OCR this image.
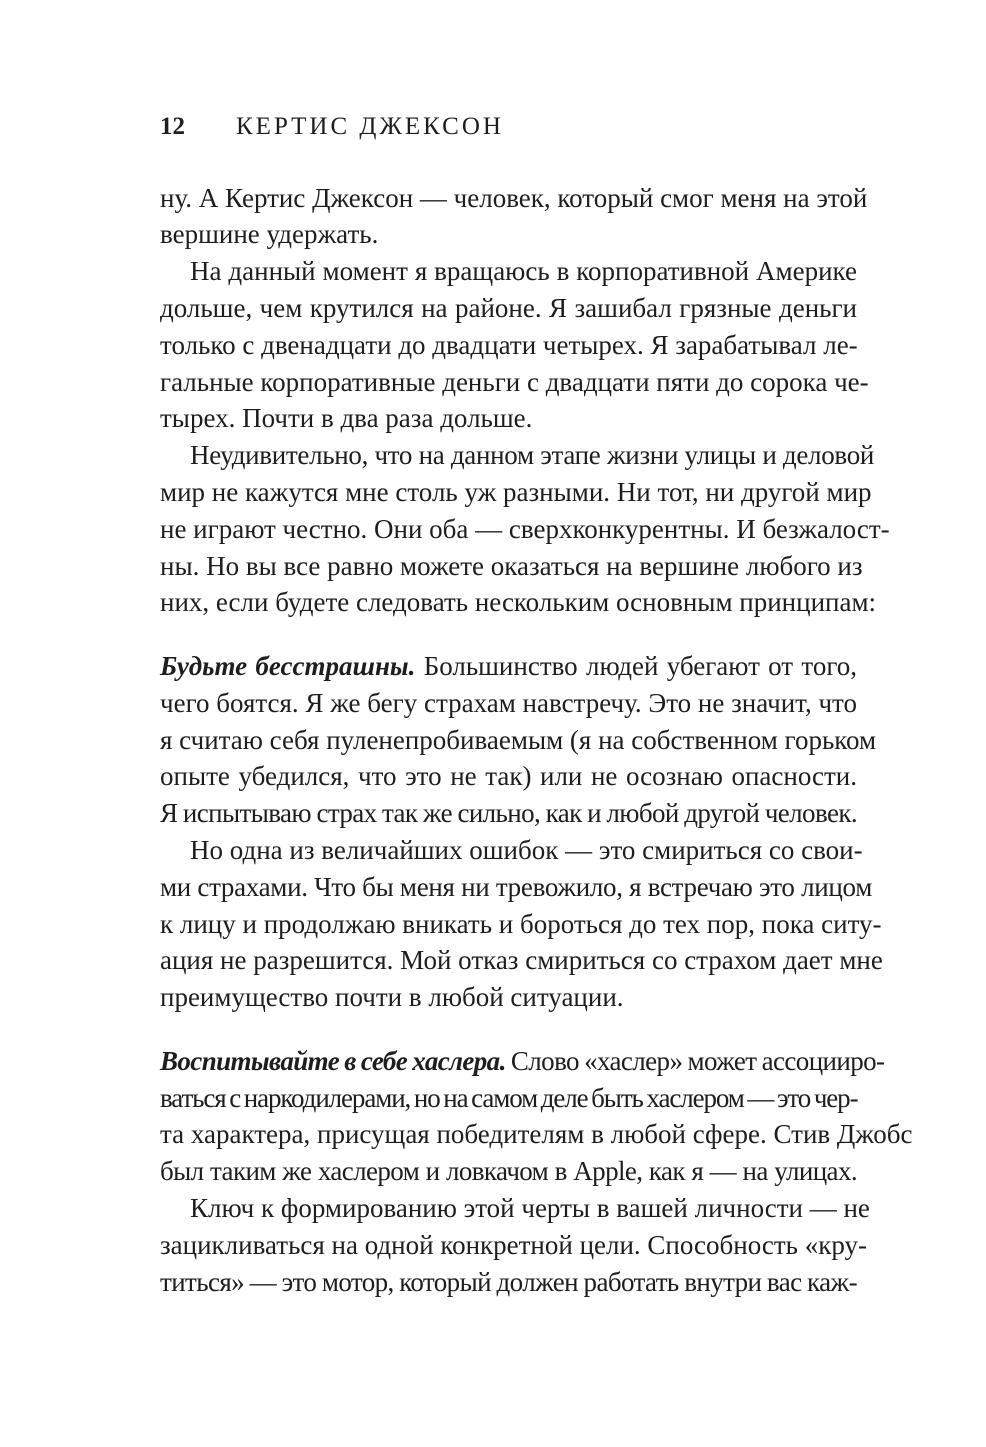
12 КЕРТИС ДЖЕКСОН
ну. А Кертис Джексон — человек, который смог меня на этой
вершине удержать.
На данный момент я вращаюсь в корпоративной Америке
дольше, чем крутился на районе. Я зашибал грязные деньги
только с двенадцати до двадцати четырех. Я зарабатывал ле-
гальные корпоративные деньги с двадцати пяти до сорока че-
тырех. Почти в два раза дольше.
Неудивительно, что на данном этапе жизни улицы и деловой
мир не кажутся мне столь уж разными. Ни тот, ни другой мир
не играют честно. Они оба — сверхконкурентны. И безжалост-
ны. Но вы все равно можете оказаться на вершине любого из
них, если будете следовать нескольким основным принципам:
Будьте бесстрашны. Большинство людей убегают от того,
чего боятся. Я же бегу страхам навстречу. Это не значит, что
я считаю себя пуленепробиваемым (я на собственном горьком
опыте убедился, что это не так) или не осознаю опасности.
Я испытываю страх так же сильно, как и любой другой человек.
Но одна из величайших ошибок — это смириться со свои-
ми страхами. Что бы меня ни тревожило, я встречаю это лицом
к лицу и продолжаю вникать и бороться до тех пор, пока ситу-
ация не разрешится. Мой отказ смириться со страхом дает мне
преимущество почти в любой ситуации.
Воспитывайте в себе хаслера. Слово «хаслер» может ассоцииро-
ваться с наркодилерами, но на самом деле быть хаслером — это чер-
та характера, присущая победителям в любой сфере. Стив Джобс
был таким же хаслером и ловкачом в Apple, как я — на улицах.
Ключ к формированию этой черты в вашей личности — не
зацикливаться на одной конкретной цели. Способность «кру-
титься» — это мотор, который должен работать внутри вас каж-
